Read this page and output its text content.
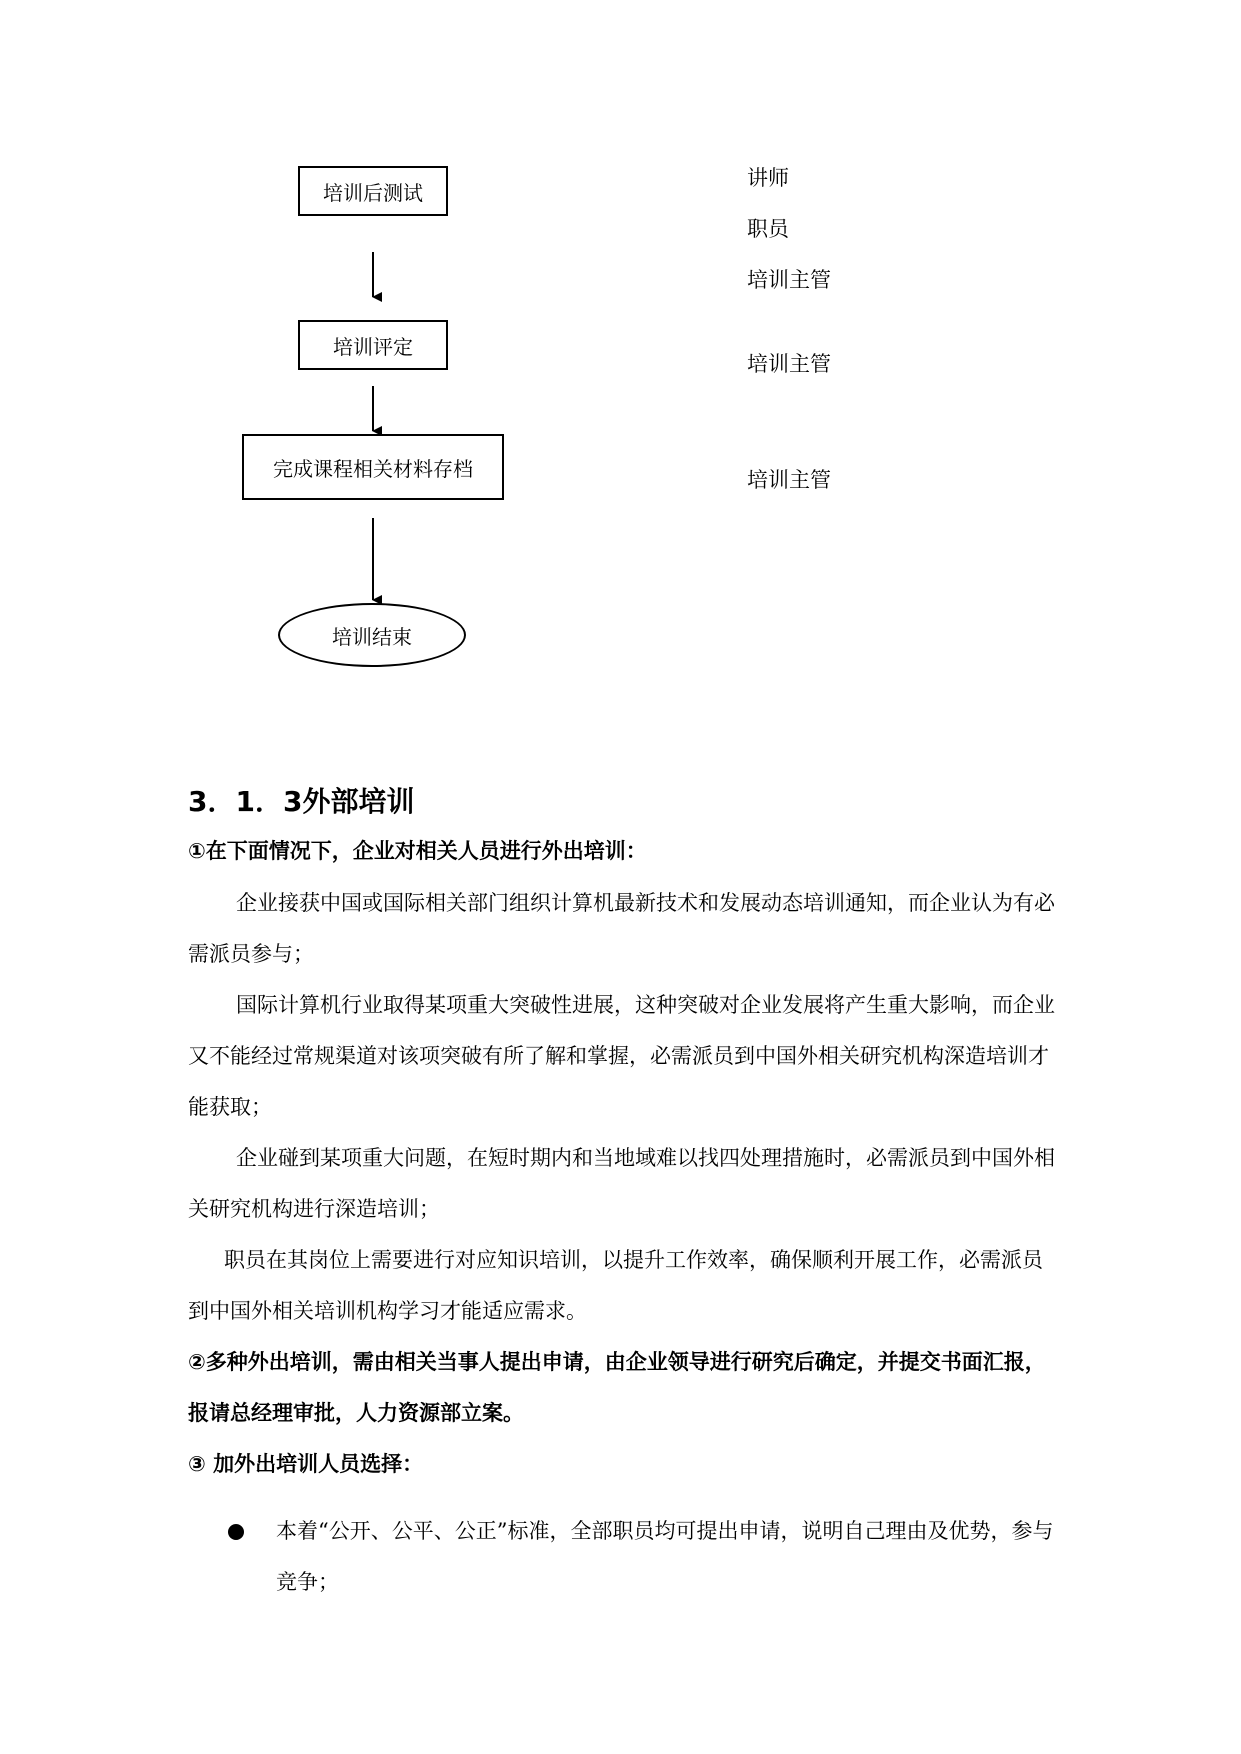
培训后测试
培训评定
完成课程相关材料存档
培训结束
讲师
职员
培训主管
培训主管
培训主管
3．1．3外部培训
①在下面情况下，企业对相关人员进行外出培训：
企业接获中国或国际相关部门组织计算机最新技术和发展动态培训通知，而企业认为有必需派员参与；
国际计算机行业取得某项重大突破性进展，这种突破对企业发展将产生重大影响，而企业又不能经过常规渠道对该项突破有所了解和掌握，必需派员到中国外相关研究机构深造培训才能获取；
企业碰到某项重大问题，在短时期内和当地域难以找四处理措施时，必需派员到中国外相关研究机构进行深造培训；
职员在其岗位上需要进行对应知识培训，以提升工作效率，确保顺利开展工作，必需派员到中国外相关培训机构学习才能适应需求。
②多种外出培训，需由相关当事人提出申请，由企业领导进行研究后确定，并提交书面汇报，报请总经理审批，人力资源部立案。
③ 加外出培训人员选择：
本着“公开、公平、公正”标准，全部职员均可提出申请，说明自己理由及优势，参与竞争；
